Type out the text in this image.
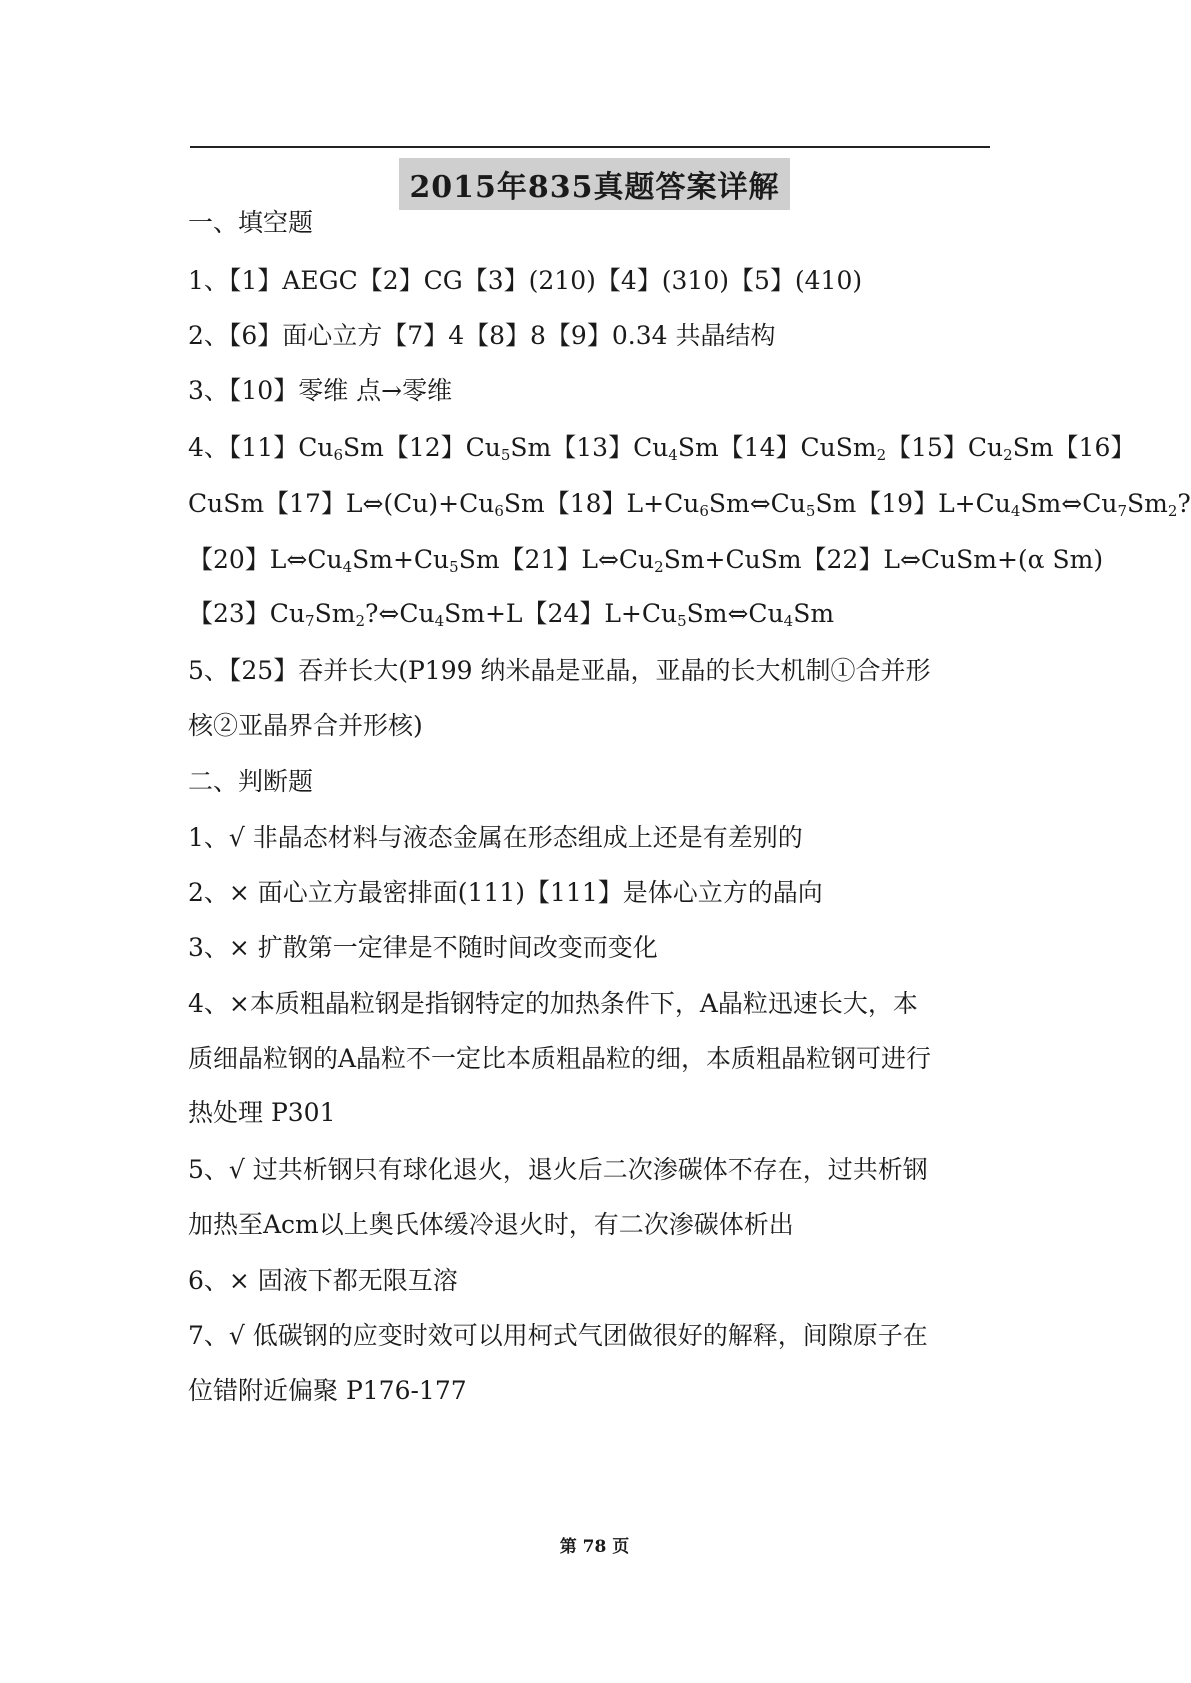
2015年835真题答案详解
一、填空题
1、【1】AEGC【2】CG【3】(210)【4】(310)【5】(410)
2、【6】面心立方【7】4【8】8【9】0.34 共晶结构
3、【10】零维 点→零维
4、【11】$Cu_6Sm$【12】$Cu_5Sm$【13】$Cu_4Sm$【14】CuSm$_2$【15】$Cu_2Sm$【16】
CuSm【17】$L\Leftrightarrow(Cu)+Cu_6Sm$【18】$L+Cu_6Sm\Leftrightarrow Cu_5Sm$【19】$L+Cu_4Sm\Leftrightarrow Cu_7Sm_2$?
【20】$L\Leftrightarrow Cu_4Sm+Cu_5Sm$【21】$L\Leftrightarrow Cu_2Sm+CuSm$【22】L⇔CuSm+(α Sm)
【23】$Cu_7Sm_2?\Leftrightarrow Cu_4Sm+L$【24】$L+Cu_5Sm\Leftrightarrow Cu_4Sm$
5、【25】吞并长大(P199 纳米晶是亚晶，亚晶的长大机制①合并形
核②亚晶界合并形核)
二、判断题
1、√ 非晶态材料与液态金属在形态组成上还是有差别的
2、× 面心立方最密排面(111)【111】是体心立方的晶向
3、× 扩散第一定律是不随时间改变而变化
4、×本质粗晶粒钢是指钢特定的加热条件下，A晶粒迅速长大，本
质细晶粒钢的A晶粒不一定比本质粗晶粒的细，本质粗晶粒钢可进行
热处理 P301
5、√ 过共析钢只有球化退火，退火后二次渗碳体不存在，过共析钢
加热至Acm以上奥氏体缓冷退火时，有二次渗碳体析出
6、× 固液下都无限互溶
7、√ 低碳钢的应变时效可以用柯式气团做很好的解释，间隙原子在
位错附近偏聚 P176-177
第 78 页
